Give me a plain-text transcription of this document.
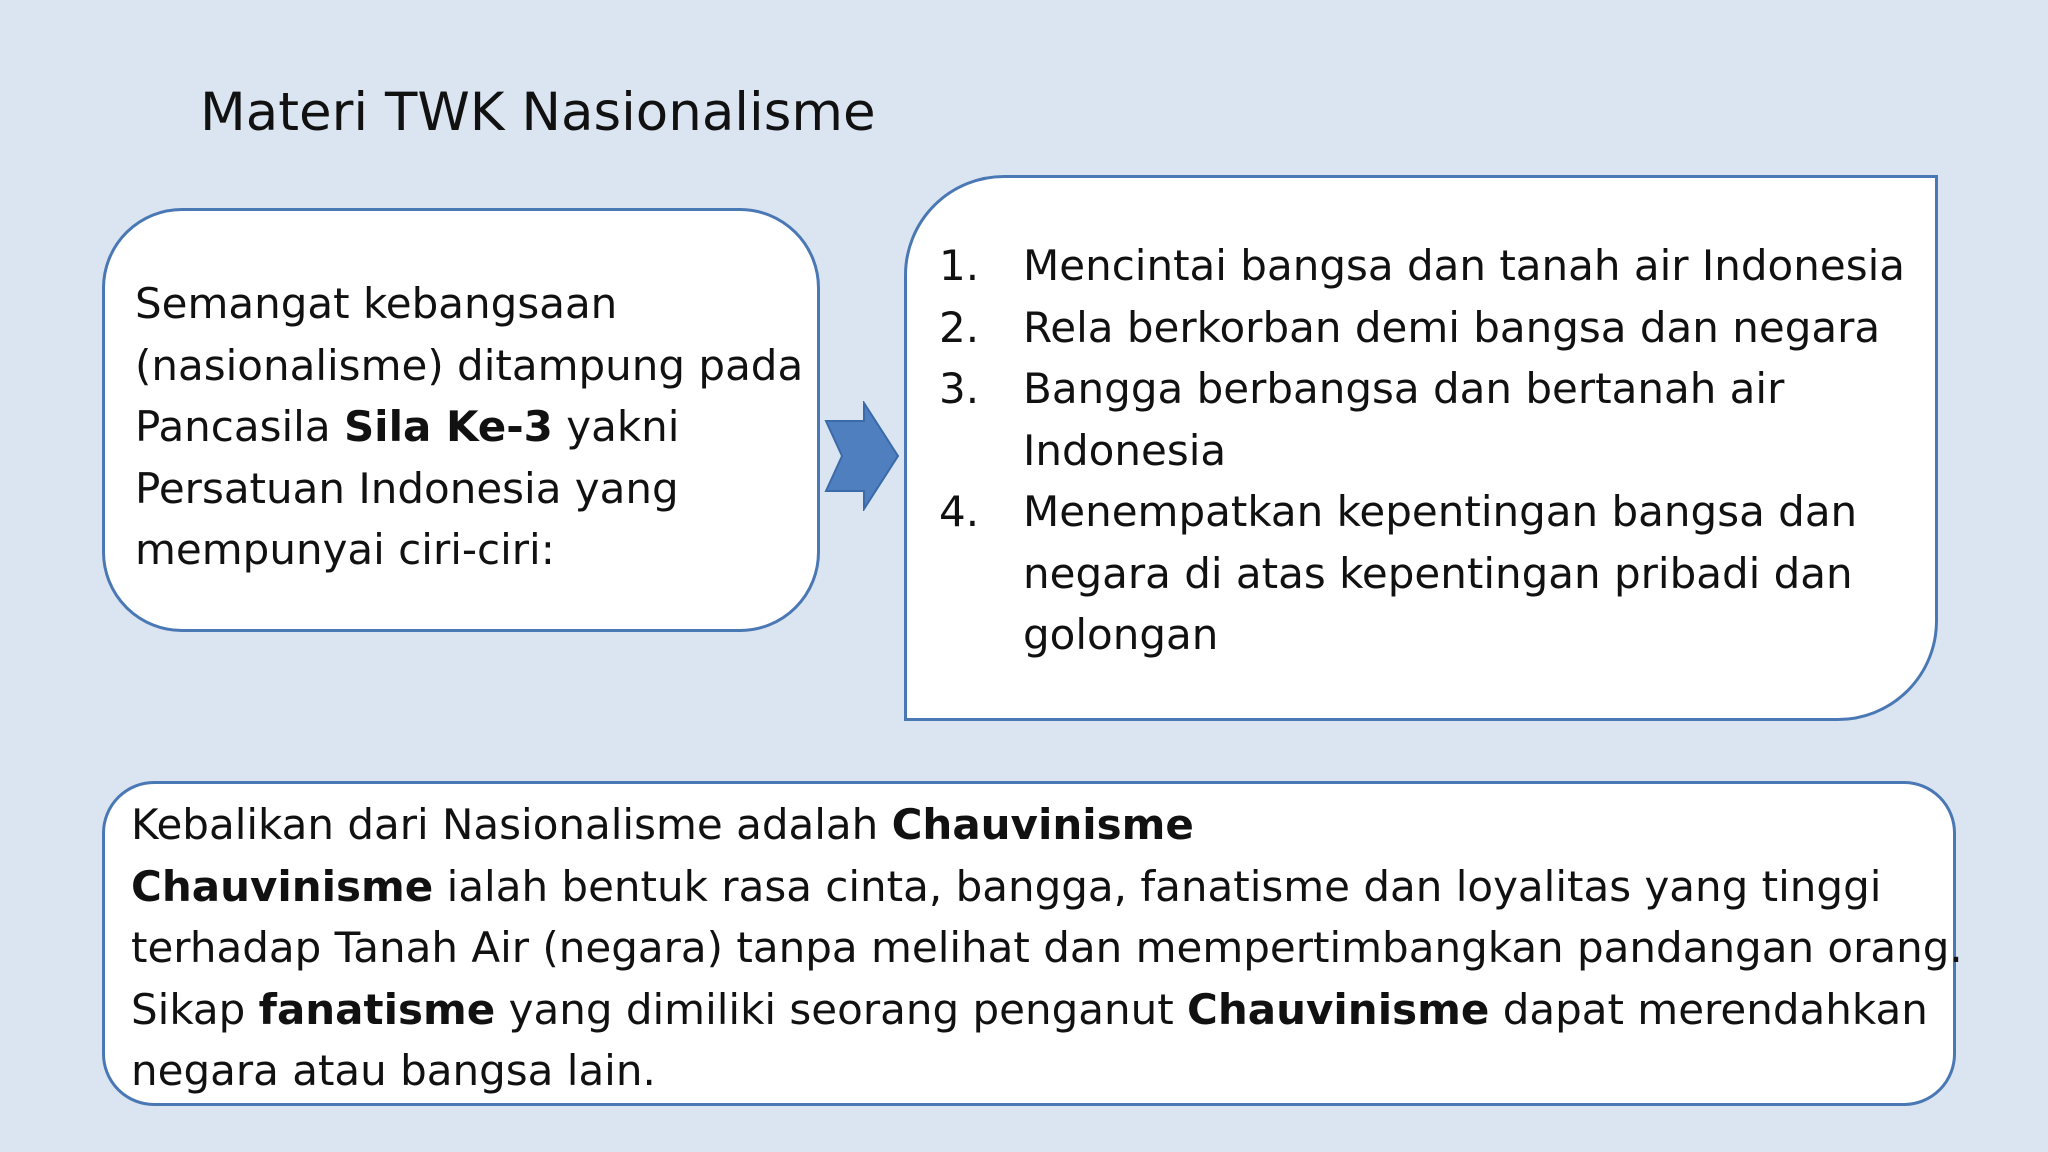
Materi TWK Nasionalisme
Semangat kebangsaan
(nasionalisme) ditampung pada
Pancasila Sila Ke-3 yakni
Persatuan Indonesia yang
mempunyai ciri-ciri:
1.	Mencintai bangsa dan tanah air Indonesia
2.	Rela berkorban demi bangsa dan negara
3.	Bangga berbangsa dan bertanah air
Indonesia
4.	Menempatkan kepentingan bangsa dan
negara di atas kepentingan pribadi dan
golongan
Kebalikan dari Nasionalisme adalah Chauvinisme
Chauvinisme ialah bentuk rasa cinta, bangga, fanatisme dan loyalitas yang tinggi
terhadap Tanah Air (negara) tanpa melihat dan mempertimbangkan pandangan orang.
Sikap fanatisme yang dimiliki seorang penganut Chauvinisme dapat merendahkan
negara atau bangsa lain.
